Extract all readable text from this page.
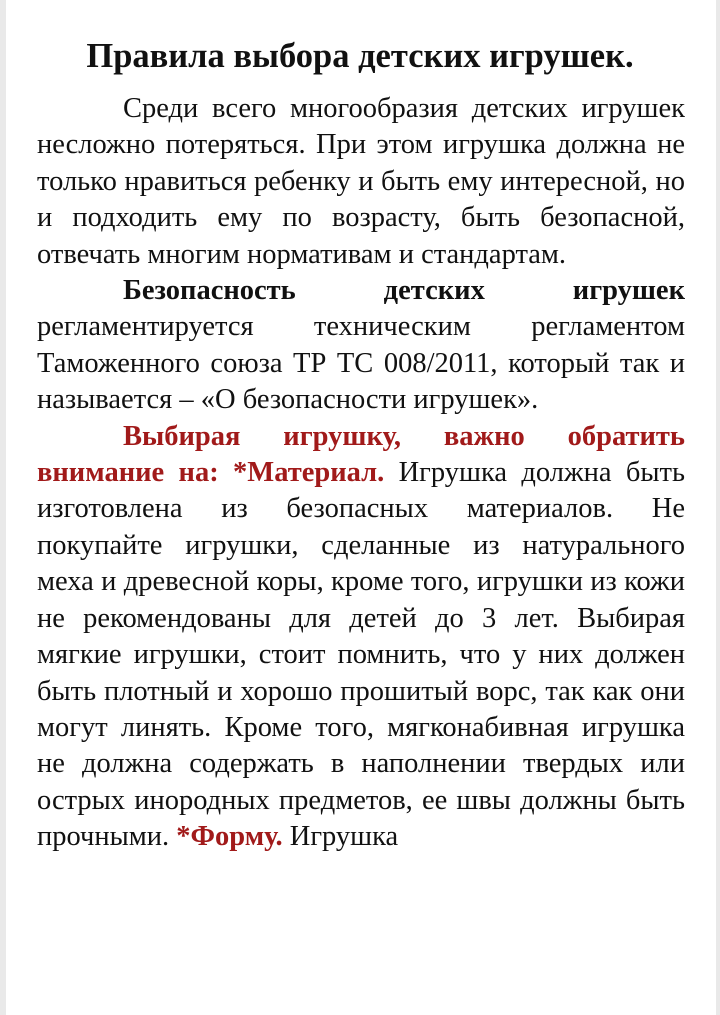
Правила выбора детских игрушек.

Среди всего многообразия детских игрушек несложно потеряться. При этом игрушка должна не только нравиться ребенку и быть ему интересной, но и подходить ему по возрасту, быть безопасной, отвечать многим нормативам и стандартам.

Безопасность детских игрушек регламентируется техническим регламентом Таможенного союза ТР ТС 008/2011, который так и называется – «О безопасности игрушек».

Выбирая игрушку, важно обратить внимание на: *Материал. Игрушка должна быть изготовлена из безопасных материалов. Не покупайте игрушки, сделанные из натурального меха и древесной коры, кроме того, игрушки из кожи не рекомендованы для детей до 3 лет. Выбирая мягкие игрушки, стоит помнить, что у них должен быть плотный и хорошо прошитый ворс, так как они могут линять. Кроме того, мягконабивная игрушка не должна содержать в наполнении твердых или острых инородных предметов, ее швы должны быть прочными. *Форму. Игрушка
